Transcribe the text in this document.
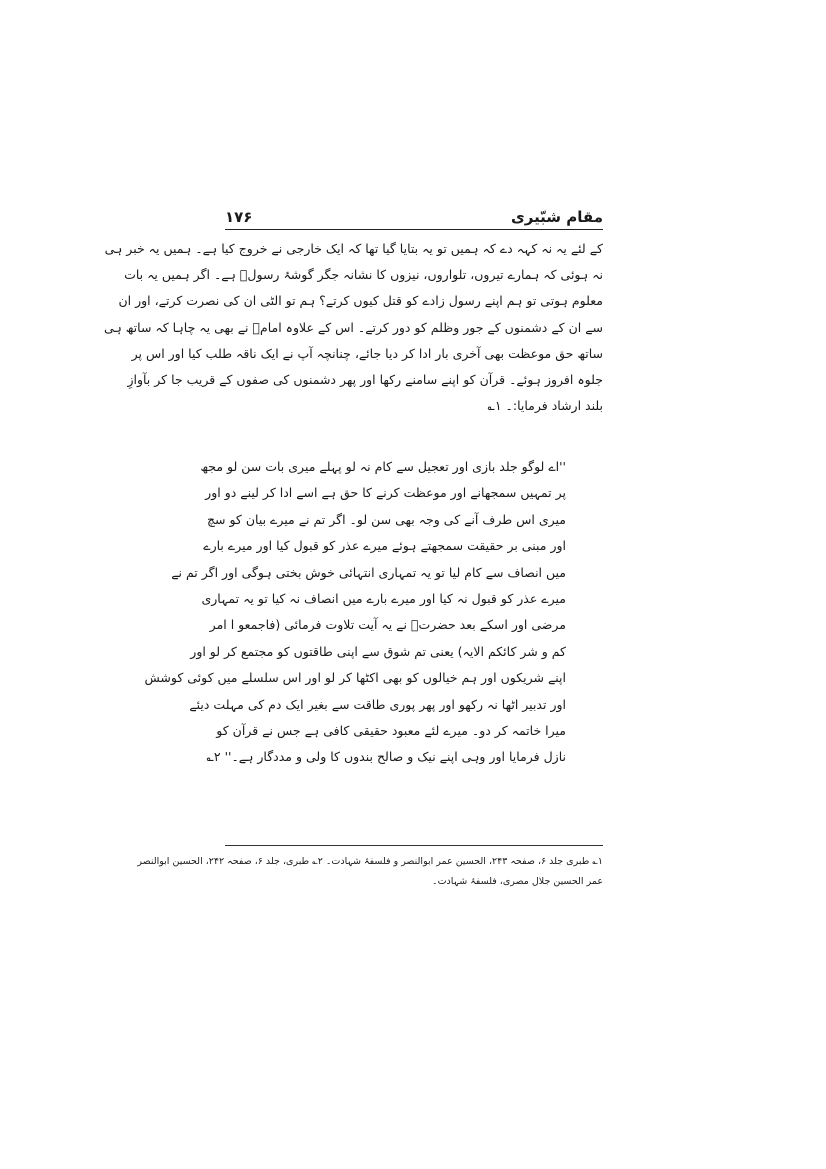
مقام شبّیری
۱۷۶
کے لئے یہ نہ کہہ دے کہ ہمیں تو یہ بتایا گیا تھا کہ ایک خارجی نے خروج کیا ہے۔ ہمیں یہ خبر ہی
نہ ہوئی کہ ہمارے تیروں، تلواروں، نیزوں کا نشانہ جگر گوشۂ رسولؐ ہے۔ اگر ہمیں یہ بات
معلوم ہوتی تو ہم اپنے رسول زادے کو قتل کیوں کرتے؟ ہم تو الٹی ان کی نصرت کرتے، اور ان
سے ان کے دشمنوں کے جور وظلم کو دور کرتے۔ اس کے علاوہ امامؑ نے بھی یہ چاہا کہ ساتھ ہی
ساتھ حق موعظت بھی آخری بار ادا کر دیا جائے، چنانچہ آپ نے ایک ناقہ طلب کیا اور اس پر
جلوہ افروز ہوئے۔ قرآن کو اپنے سامنے رکھا اور پھر دشمنوں کی صفوں کے قریب جا کر بآوازِ
بلند ارشاد فرمایا:۔ ۱؎
''اے لوگو جلد بازی اور تعجیل سے کام نہ لو پہلے میری بات سن لو مجھ
پر تمہیں سمجھانے اور موعظت کرنے کا حق ہے اسے ادا کر لینے دو اور
میری اس طرف آنے کی وجہ بھی سن لو۔ اگر تم نے میرے بیان کو سچ
اور مبنی بر حقیقت سمجھتے ہوئے میرے عذر کو قبول کیا اور میرے بارے
میں انصاف سے کام لیا تو یہ تمہاری انتہائی خوش بختی ہوگی اور اگر تم نے
میرے عذر کو قبول نہ کیا اور میرے بارے میں انصاف نہ کیا تو یہ تمہاری
مرضی اور اسکے بعد حضرتؑ نے یہ آیت تلاوت فرمائی (فاجمعو ا امر
کم و شر کائکم الایہ) یعنی تم شوق سے اپنی طاقتوں کو مجتمع کر لو اور
اپنے شریکوں اور ہم خیالوں کو بھی اکٹھا کر لو اور اس سلسلے میں کوئی کوشش
اور تدبیر اٹھا نہ رکھو اور پھر پوری طاقت سے بغیر ایک دم کی مہلت دیئے
میرا خاتمہ کر دو۔ میرے لئے معبود حقیقی کافی ہے جس نے قرآن کو
نازل فرمایا اور وہی اپنے نیک و صالح بندوں کا ولی و مددگار ہے۔'' ۲؎
۱؎ طبری جلد ۶، صفحہ ۲۴۳، الحسین عمر ابوالنصر و فلسفۂ شہادت۔ ۲؎ طبری، جلد ۶، صفحہ ۲۴۲، الحسین ابوالنصر
عمر الحسین جلال مصری، فلسفۂ شہادت۔
